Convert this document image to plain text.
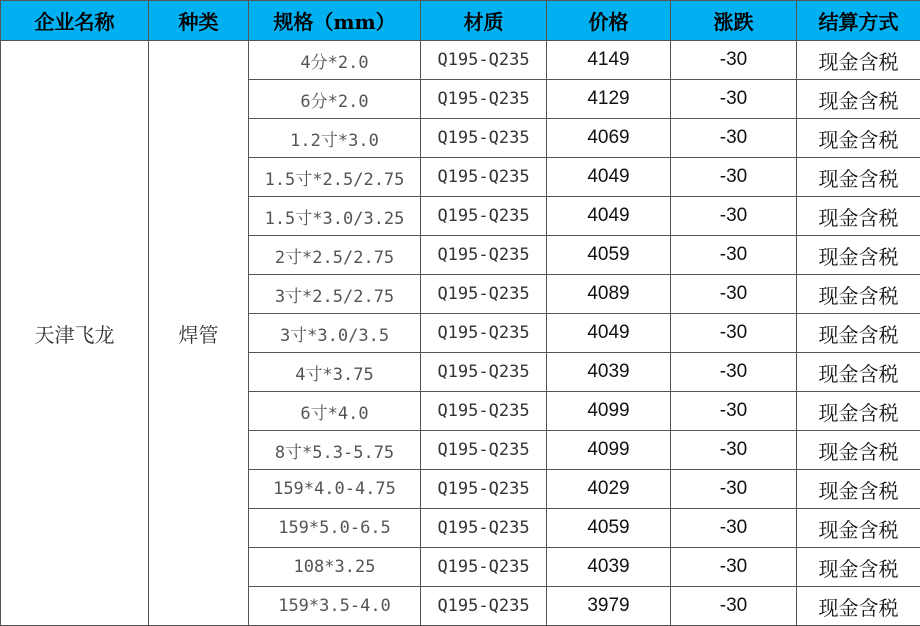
企业名称	种类	规格（mm）	材质	价格	涨跌	结算方式
天津飞龙	焊管	4分*2.0	Q195-Q235	4149	-30	现金含税
		6分*2.0	Q195-Q235	4129	-30	现金含税
		1.2寸*3.0	Q195-Q235	4069	-30	现金含税
		1.5寸*2.5/2.75	Q195-Q235	4049	-30	现金含税
		1.5寸*3.0/3.25	Q195-Q235	4049	-30	现金含税
		2寸*2.5/2.75	Q195-Q235	4059	-30	现金含税
		3寸*2.5/2.75	Q195-Q235	4089	-30	现金含税
		3寸*3.0/3.5	Q195-Q235	4049	-30	现金含税
		4寸*3.75	Q195-Q235	4039	-30	现金含税
		6寸*4.0	Q195-Q235	4099	-30	现金含税
		8寸*5.3-5.75	Q195-Q235	4099	-30	现金含税
		159*4.0-4.75	Q195-Q235	4029	-30	现金含税
		159*5.0-6.5	Q195-Q235	4059	-30	现金含税
		108*3.25	Q195-Q235	4039	-30	现金含税
		159*3.5-4.0	Q195-Q235	3979	-30	现金含税
